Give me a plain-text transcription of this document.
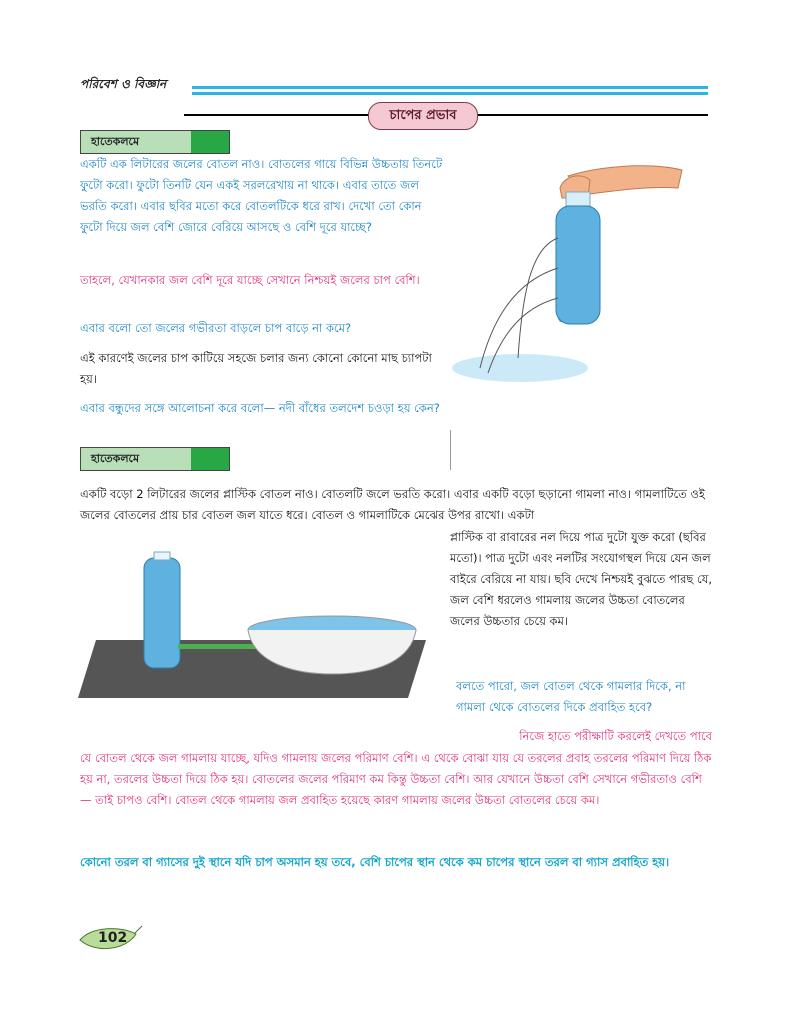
পরিবেশ ও বিজ্ঞান
চাপের প্রভাব
হাতেকলমে
একটি এক লিটারের জলের বোতল নাও। বোতলের গায়ে বিভিন্ন উচ্চতায় তিনটে ফুটো করো। ফুটো তিনটি যেন একই সরলরেখায় না থাকে। এবার তাতে জল ভরতি করো। এবার ছবির মতো করে বোতলটিকে ধরে রাখ। দেখো তো কোন ফুটো দিয়ে জল বেশি জোরে বেরিয়ে আসছে ও বেশি দূরে যাচ্ছে?
তাহলে, যেখানকার জল বেশি দূরে যাচ্ছে সেখানে নিশ্চয়ই জলের চাপ বেশি।
এবার বলো তো জলের গভীরতা বাড়লে চাপ বাড়ে না কমে?
এই কারণেই জলের চাপ কাটিয়ে সহজে চলার জন্য কোনো কোনো মাছ চ্যাপটা হয়।
এবার বন্ধুদের সঙ্গে আলোচনা করে বলো— নদী বাঁধের তলদেশ চওড়া হয় কেন?
হাতেকলমে
একটি বড়ো 2 লিটারের জলের প্লাস্টিক বোতল নাও। বোতলটি জলে ভরতি করো। এবার একটি বড়ো ছড়ানো গামলা নাও। গামলাটিতে ওই জলের বোতলের প্রায় চার বোতল জল যাতে ধরে। বোতল ও গামলাটিকে মেঝের উপর রাখো। একটা
প্লাস্টিক বা রাবারের নল দিয়ে পাত্র দুটো যুক্ত করো (ছবির মতো)। পাত্র দুটো এবং নলটির সংযোগস্থল দিয়ে যেন জল বাইরে বেরিয়ে না যায়। ছবি দেখে নিশ্চয়ই বুঝতে পারছ যে, জল বেশি ধরলেও গামলায় জলের উচ্চতা বোতলের জলের উচ্চতার চেয়ে কম।
বলতে পারো, জল বোতল থেকে গামলার দিকে, না গামলা থেকে বোতলের দিকে প্রবাহিত হবে?
নিজে হাতে পরীক্ষাটি করলেই দেখতে পাবে
যে বোতল থেকে জল গামলায় যাচ্ছে, যদিও গামলায় জলের পরিমাণ বেশি। এ থেকে বোঝা যায় যে তরলের প্রবাহ তরলের পরিমাণ দিয়ে ঠিক হয় না, তরলের উচ্চতা দিয়ে ঠিক হয়। বোতলের জলের পরিমাণ কম কিন্তু উচ্চতা বেশি। আর যেখানে উচ্চতা বেশি সেখানে গভীরতাও বেশি— তাই চাপও বেশি। বোতল থেকে গামলায় জল প্রবাহিত হয়েছে কারণ গামলায় জলের উচ্চতা বোতলের চেয়ে কম।
কোনো তরল বা গ্যাসের দুই স্থানে যদি চাপ অসমান হয় তবে, বেশি চাপের স্থান থেকে কম চাপের স্থানে তরল বা গ্যাস প্রবাহিত হয়।
102
